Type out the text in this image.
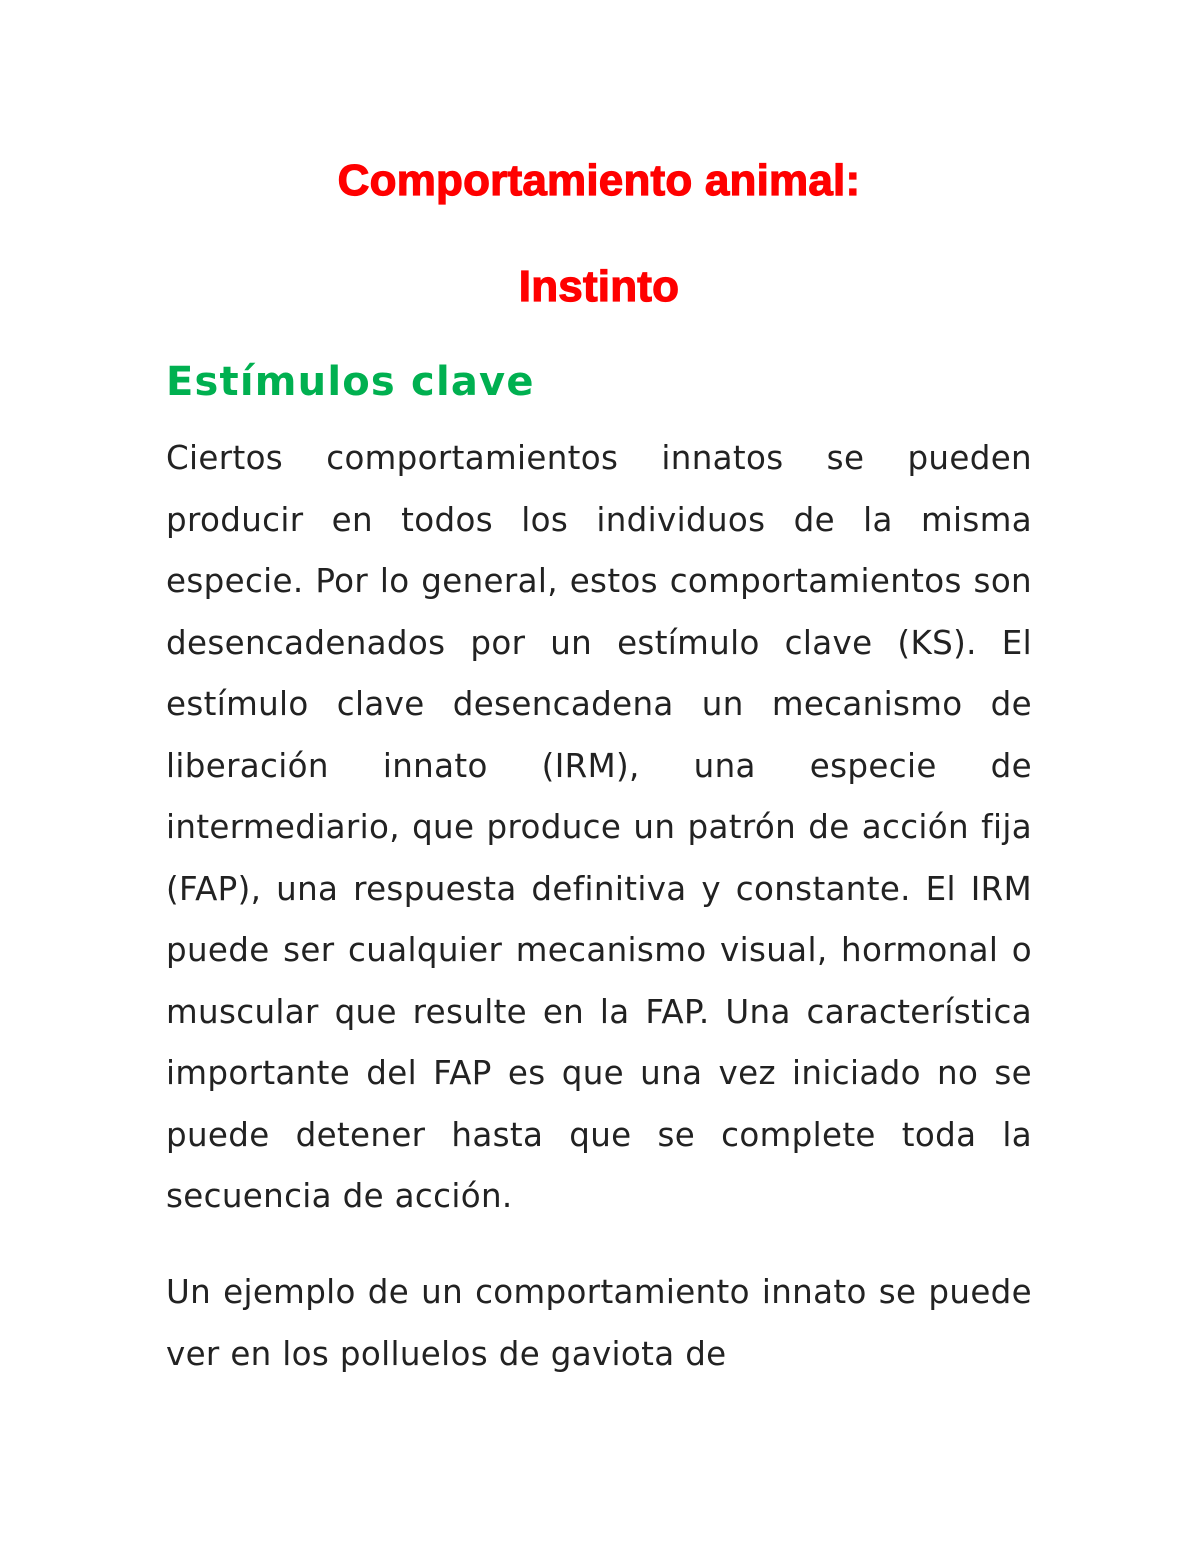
Comportamiento animal:
Instinto
Estímulos clave

Ciertos comportamientos innatos se pueden producir en todos los individuos de la misma especie. Por lo general, estos comportamientos son desencadenados por un estímulo clave (KS). El estímulo clave desencadena un mecanismo de liberación innato (IRM), una especie de intermediario, que produce un patrón de acción fija (FAP), una respuesta definitiva y constante. El IRM puede ser cualquier mecanismo visual, hormonal o muscular que resulte en la FAP. Una característica importante del FAP es que una vez iniciado no se puede detener hasta que se complete toda la secuencia de acción.

Un ejemplo de un comportamiento innato se puede ver en los polluelos de gaviota de
